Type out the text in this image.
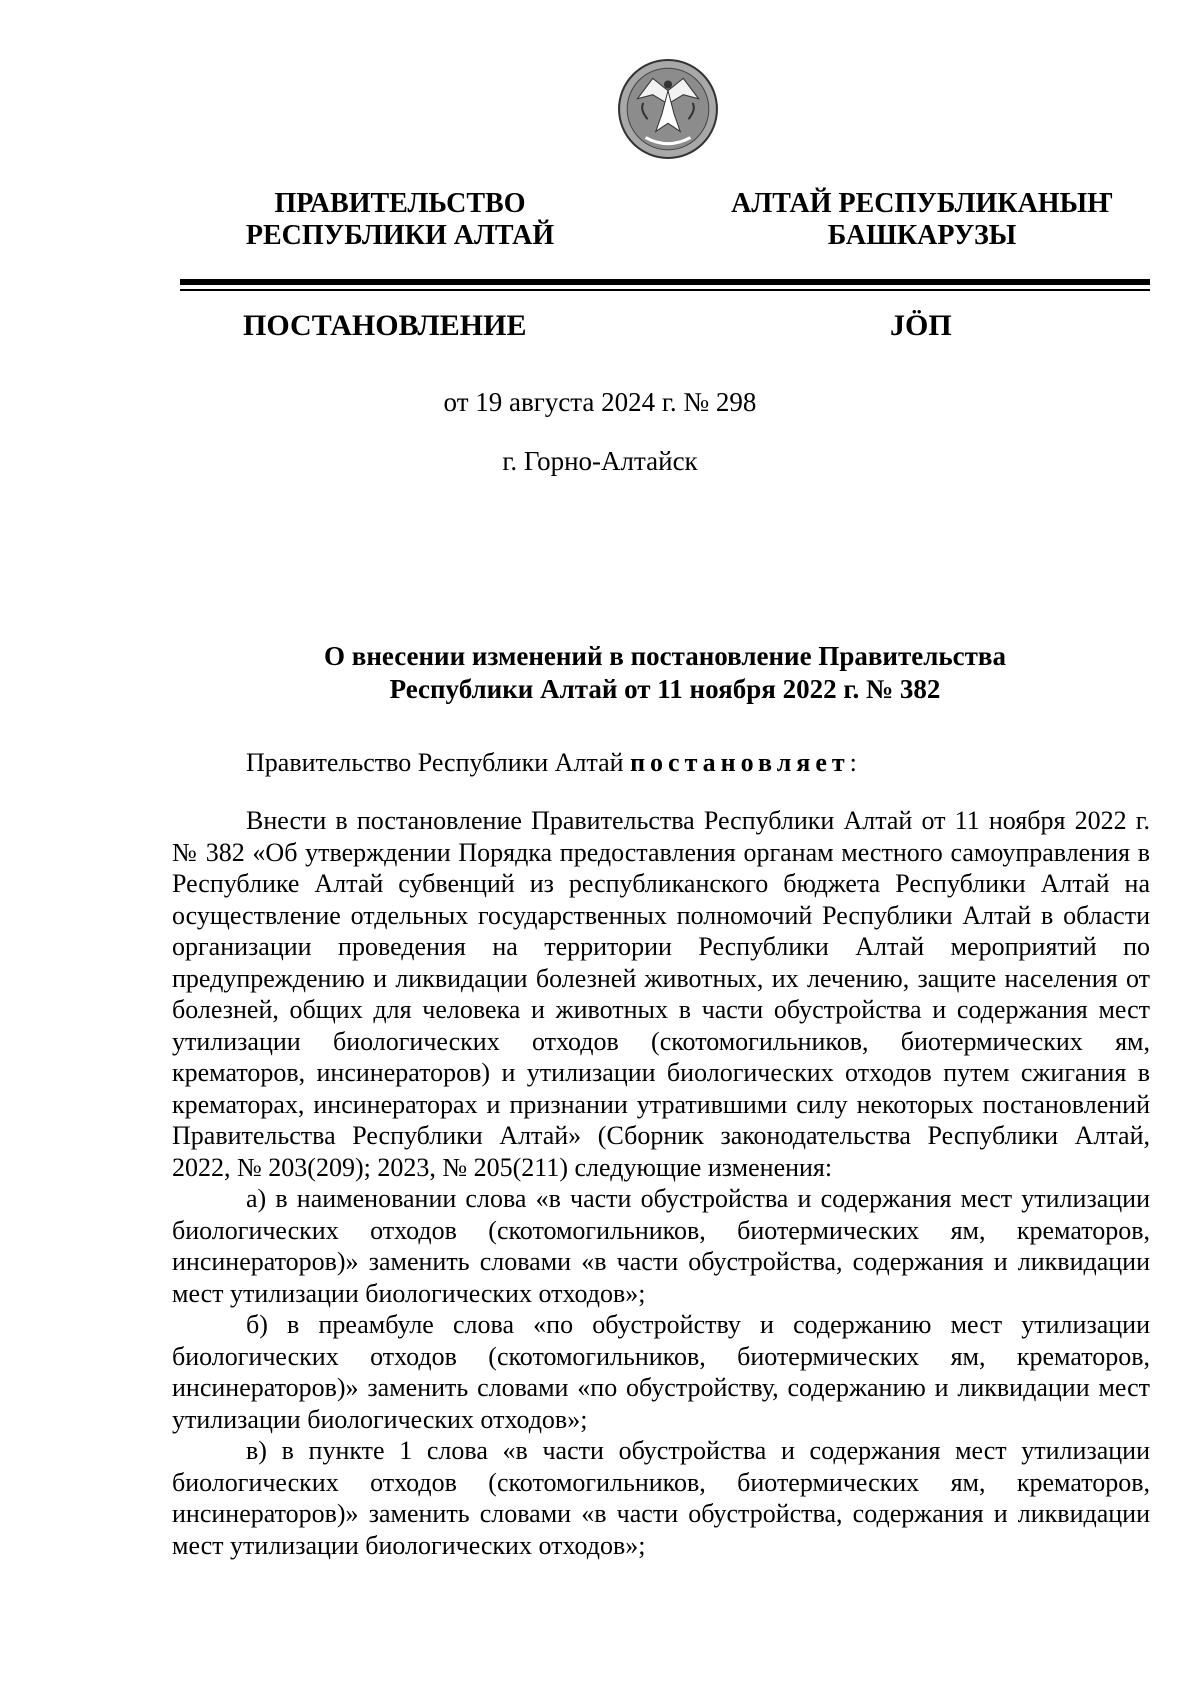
ПРАВИТЕЛЬСТВО
РЕСПУБЛИКИ АЛТАЙ
АЛТАЙ РЕСПУБЛИКАНЫҤ
БАШКАРУЗЫ
ПОСТАНОВЛЕНИЕ	JÖП
от 19 августа 2024 г. № 298
г. Горно-Алтайск
О внесении изменений в постановление Правительства
Республики Алтай от 11 ноября 2022 г. № 382
Правительство Республики Алтай постановляет:

Внести в постановление Правительства Республики Алтай от 11 ноября 2022 г. № 382 «Об утверждении Порядка предоставления органам местного самоуправления в Республике Алтай субвенций из республиканского бюджета Республики Алтай на осуществление отдельных государственных полномочий Республики Алтай в области организации проведения на территории Республики Алтай мероприятий по предупреждению и ликвидации болезней животных, их лечению, защите населения от болезней, общих для человека и животных в части обустройства и содержания мест утилизации биологических отходов (скотомогильников, биотермических ям, крематоров, инсинераторов) и утилизации биологических отходов путем сжигания в крематорах, инсинераторах и признании утратившими силу некоторых постановлений Правительства Республики Алтай» (Сборник законодательства Республики Алтай, 2022, № 203(209); 2023, № 205(211) следующие изменения:

а) в наименовании слова «в части обустройства и содержания мест утилизации биологических отходов (скотомогильников, биотермических ям, крематоров, инсинераторов)» заменить словами «в части обустройства, содержания и ликвидации мест утилизации биологических отходов»;

б) в преамбуле слова «по обустройству и содержанию мест утилизации биологических отходов (скотомогильников, биотермических ям, крематоров, инсинераторов)» заменить словами «по обустройству, содержанию и ликвидации мест утилизации биологических отходов»;

в) в пункте 1 слова «в части обустройства и содержания мест утилизации биологических отходов (скотомогильников, биотермических ям, крематоров, инсинераторов)» заменить словами «в части обустройства, содержания и ликвидации мест утилизации биологических отходов»;
